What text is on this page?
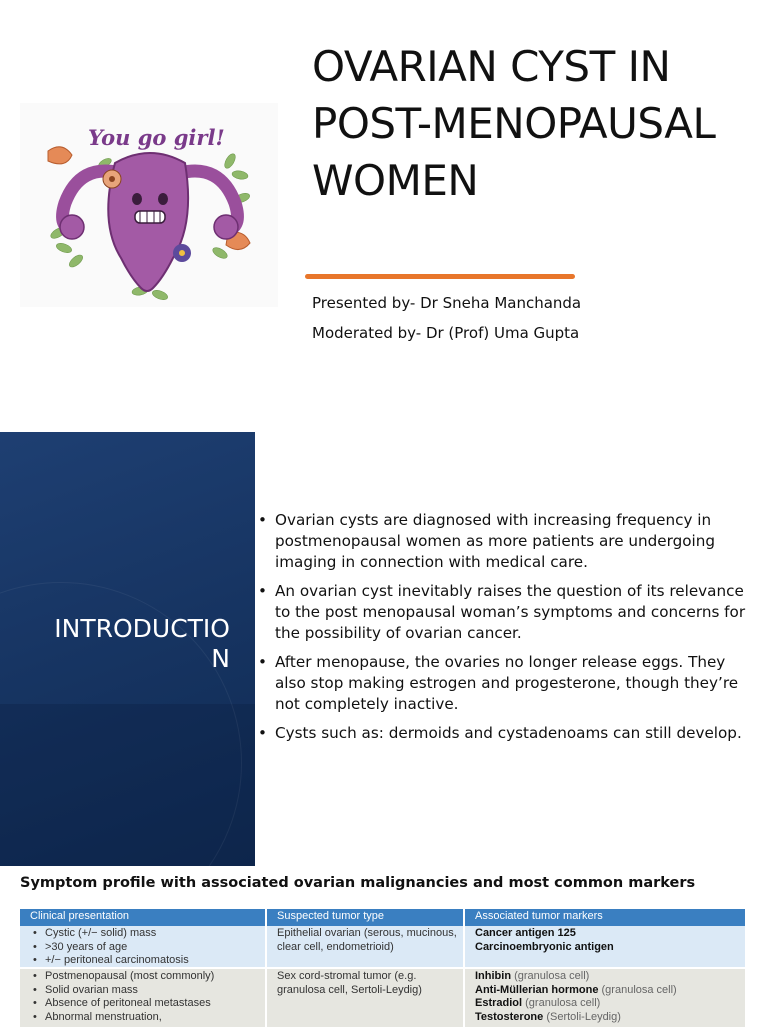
You go girl!
OVARIAN CYST IN POST-MENOPAUSAL WOMEN
Presented by- Dr Sneha Manchanda
Moderated by- Dr (Prof) Uma Gupta
INTRODUCTION
• Ovarian cysts are diagnosed with increasing frequency in postmenopausal women as more patients are undergoing imaging in connection with medical care.
• An ovarian cyst inevitably raises the question of its relevance to the post menopausal woman’s symptoms and concerns for the possibility of ovarian cancer.
• After menopause, the ovaries no longer release eggs. They also stop making estrogen and progesterone, though they’re not completely inactive.
• Cysts such as: dermoids and cystadenoams can still develop.
Symptom profile with associated ovarian malignancies and most common markers
Clinical presentation	Suspected tumor type	Associated tumor markers
• Cystic (+/− solid) mass
• >30 years of age
• +/− peritoneal carcinomatosis
Epithelial ovarian (serous, mucinous, clear cell, endometrioid)
Cancer antigen 125
Carcinoembryonic antigen
• Postmenopausal (most commonly)
• Solid ovarian mass
• Absence of peritoneal metastases
• Abnormal menstruation,
Sex cord-stromal tumor (e.g. granulosa cell, Sertoli-Leydig)
Inhibin (granulosa cell)
Anti-Müllerian hormone (granulosa cell)
Estradiol (granulosa cell)
Testosterone (Sertoli-Leydig)
